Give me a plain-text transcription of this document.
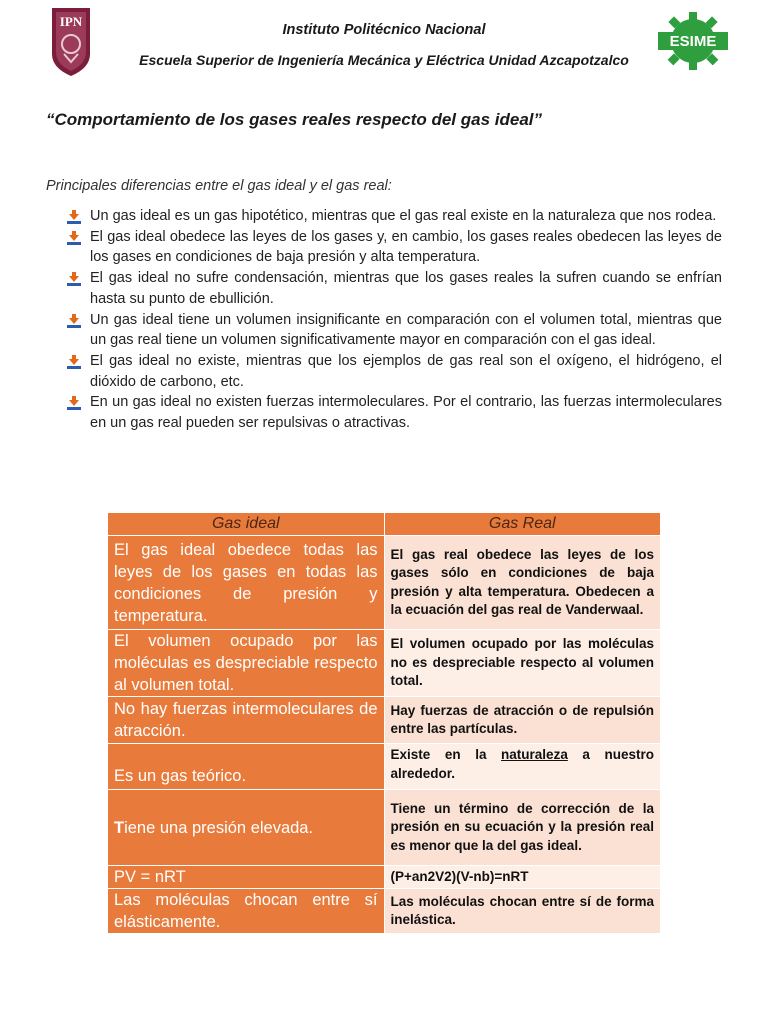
IPN
Instituto Politécnico Nacional
Escuela Superior de Ingeniería Mecánica y Eléctrica Unidad Azcapotzalco
ESIME
“Comportamiento de los gases reales respecto del gas ideal”
Principales diferencias entre el gas ideal y el gas real:
Un gas ideal es un gas hipotético, mientras que el gas real existe en la naturaleza que nos rodea.
El gas ideal obedece las leyes de los gases y, en cambio, los gases reales obedecen las leyes de los gases en condiciones de baja presión y alta temperatura.
El gas ideal no sufre condensación, mientras que los gases reales la sufren cuando se enfrían hasta su punto de ebullición.
Un gas ideal tiene un volumen insignificante en comparación con el volumen total, mientras que un gas real tiene un volumen significativamente mayor en comparación con el gas ideal.
El gas ideal no existe, mientras que los ejemplos de gas real son el oxígeno, el hidrógeno, el dióxido de carbono, etc.
En un gas ideal no existen fuerzas intermoleculares. Por el contrario, las fuerzas intermoleculares en un gas real pueden ser repulsivas o atractivas.
Gas ideal	Gas Real
El gas ideal obedece todas las leyes de los gases en todas las condiciones de presión y temperatura.	El gas real obedece las leyes de los gases sólo en condiciones de baja presión y alta temperatura. Obedecen a la ecuación del gas real de Vanderwaal.
El volumen ocupado por las moléculas es despreciable respecto al volumen total.	El volumen ocupado por las moléculas no es despreciable respecto al volumen total.
No hay fuerzas intermoleculares de atracción.	Hay fuerzas de atracción o de repulsión entre las partículas.
Es un gas teórico.	Existe en la naturaleza a nuestro alrededor.
Tiene una presión elevada.	Tiene un término de corrección de la presión en su ecuación y la presión real es menor que la del gas ideal.
PV = nRT	(P+an2V2)(V-nb)=nRT
Las moléculas chocan entre sí elásticamente.	Las moléculas chocan entre sí de forma inelástica.
